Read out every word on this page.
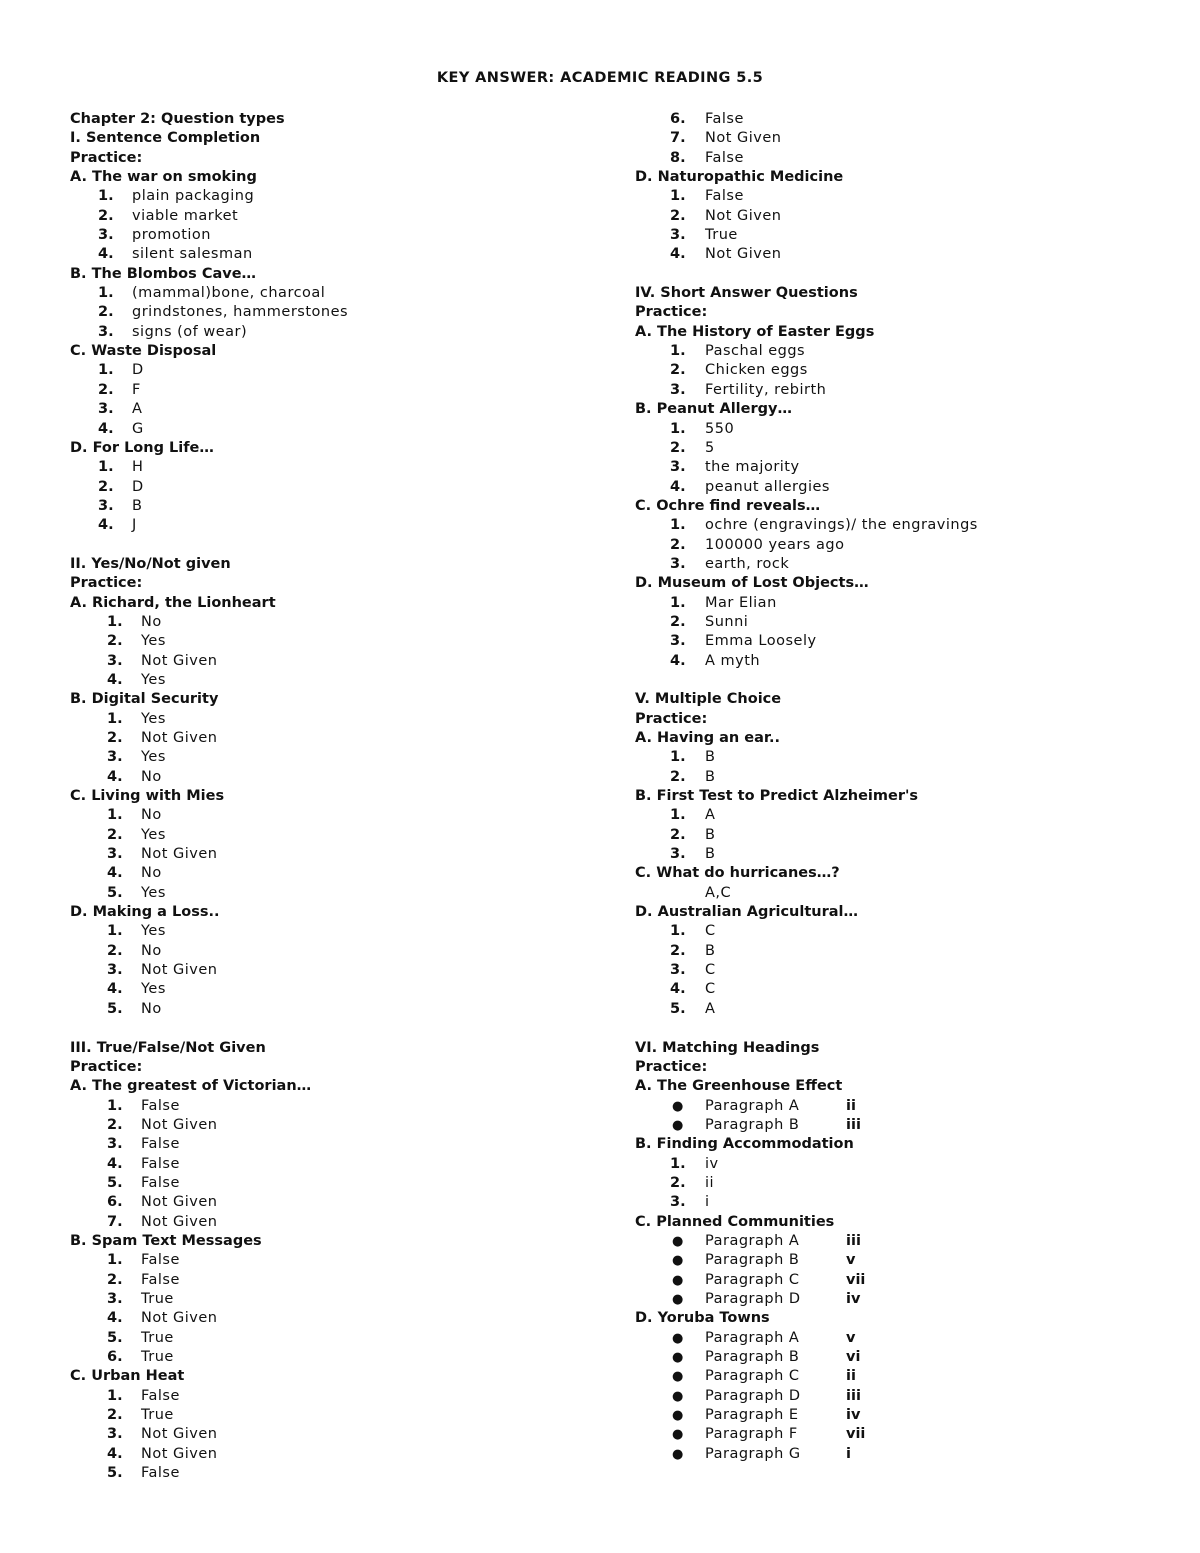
KEY ANSWER: ACADEMIC READING 5.5
Chapter 2: Question types
I. Sentence Completion
Practice:
A. The war on smoking
1. plain packaging
2. viable market
3. promotion
4. silent salesman
B. The Blombos Cave…
1. (mammal)bone, charcoal
2. grindstones, hammerstones
3. signs (of wear)
C. Waste Disposal
1. D
2. F
3. A
4. G
D. For Long Life…
1. H
2. D
3. B
4. J
II. Yes/No/Not given
Practice:
A. Richard, the Lionheart
1. No
2. Yes
3. Not Given
4. Yes
B. Digital Security
1. Yes
2. Not Given
3. Yes
4. No
C. Living with Mies
1. No
2. Yes
3. Not Given
4. No
5. Yes
D. Making a Loss..
1. Yes
2. No
3. Not Given
4. Yes
5. No
III. True/False/Not Given
Practice:
A. The greatest of Victorian…
1. False
2. Not Given
3. False
4. False
5. False
6. Not Given
7. Not Given
B. Spam Text Messages
1. False
2. False
3. True
4. Not Given
5. True
6. True
C. Urban Heat
1. False
2. True
3. Not Given
4. Not Given
5. False
6. False
7. Not Given
8. False
D. Naturopathic Medicine
1. False
2. Not Given
3. True
4. Not Given
IV. Short Answer Questions
Practice:
A. The History of Easter Eggs
1. Paschal eggs
2. Chicken eggs
3. Fertility, rebirth
B. Peanut Allergy…
1. 550
2. 5
3. the majority
4. peanut allergies
C. Ochre find reveals…
1. ochre (engravings)/ the engravings
2. 100000 years ago
3. earth, rock
D. Museum of Lost Objects…
1. Mar Elian
2. Sunni
3. Emma Loosely
4. A myth
V. Multiple Choice
Practice:
A. Having an ear..
1. B
2. B
B. First Test to Predict Alzheimer's
1. A
2. B
3. B
C. What do hurricanes…?
A,C
D. Australian Agricultural…
1. C
2. B
3. C
4. C
5. A
VI. Matching Headings
Practice:
A. The Greenhouse Effect
● Paragraph A	ii
● Paragraph B	iii
B. Finding Accommodation
1. iv
2. ii
3. i
C. Planned Communities
● Paragraph A	iii
● Paragraph B	v
● Paragraph C	vii
● Paragraph D	iv
D. Yoruba Towns
● Paragraph A	v
● Paragraph B	vi
● Paragraph C	ii
● Paragraph D	iii
● Paragraph E	iv
● Paragraph F	vii
● Paragraph G	i
